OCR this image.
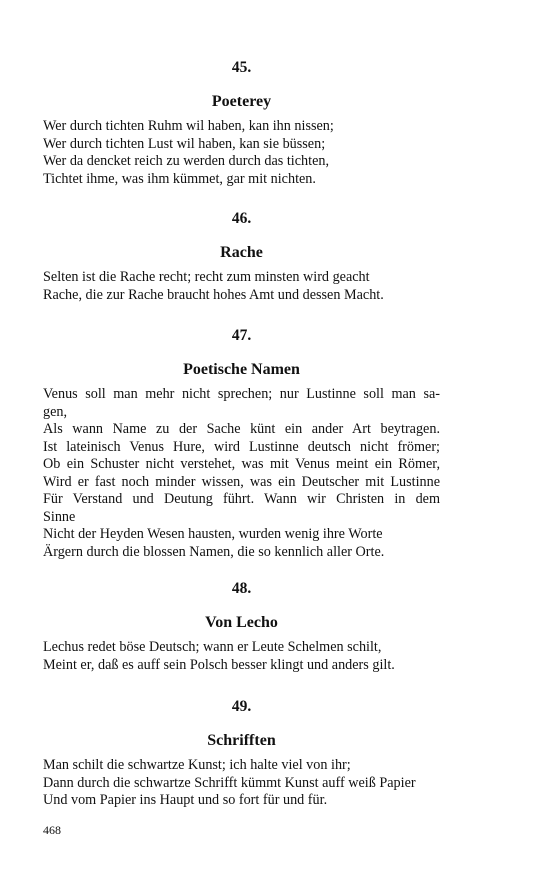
45.
Poeterey
Wer durch tichten Ruhm wil haben, kan ihn nissen;
Wer durch tichten Lust wil haben, kan sie büssen;
Wer da dencket reich zu werden durch das tichten,
Tichtet ihme, was ihm kümmet, gar mit nichten.
46.
Rache
Selten ist die Rache recht; recht zum minsten wird geacht
Rache, die zur Rache braucht hohes Amt und dessen Macht.
47.
Poetische Namen
Venus soll man mehr nicht sprechen; nur Lustinne soll man sa-
gen,
Als wann Name zu der Sache künt ein ander Art beytragen.
Ist lateinisch Venus Hure, wird Lustinne deutsch nicht frömer;
Ob ein Schuster nicht verstehet, was mit Venus meint ein Römer,
Wird er fast noch minder wissen, was ein Deutscher mit Lustinne
Für Verstand und Deutung führt. Wann wir Christen in dem
Sinne
Nicht der Heyden Wesen hausten, wurden wenig ihre Worte
Ärgern durch die blossen Namen, die so kennlich aller Orte.
48.
Von Lecho
Lechus redet böse Deutsch; wann er Leute Schelmen schilt,
Meint er, daß es auff sein Polsch besser klingt und anders gilt.
49.
Schrifften
Man schilt die schwartze Kunst; ich halte viel von ihr;
Dann durch die schwartze Schrifft kümmt Kunst auff weiß Papier
Und vom Papier ins Haupt und so fort für und für.
468
